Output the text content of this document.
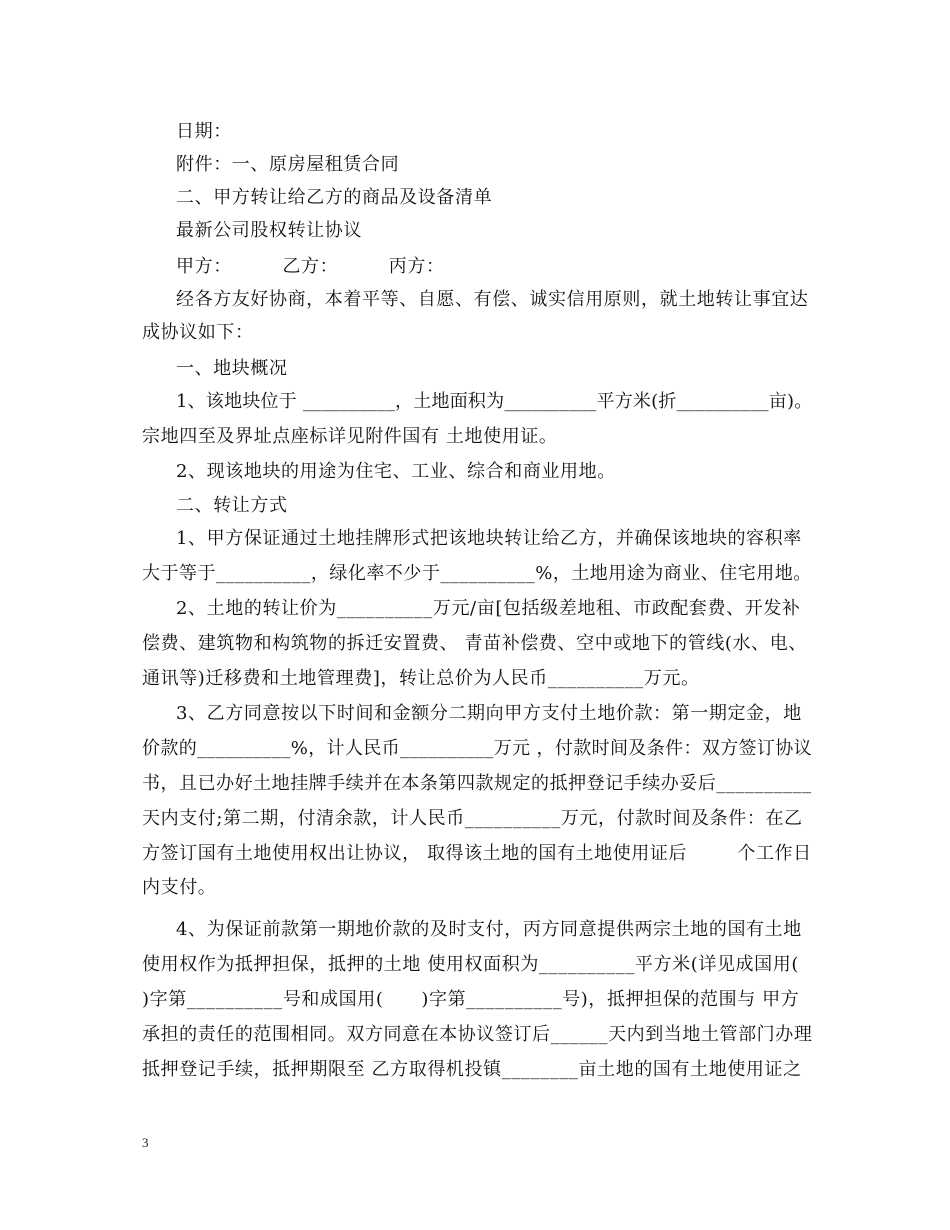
日期：
附件：一、原房屋租赁合同
二、甲方转让给乙方的商品及设备清单
最新公司股权转让协议
甲方：        乙方：        丙方：
经各方友好协商，本着平等、自愿、有偿、诚实信用原则，就土地转让事宜达
成协议如下：
一、地块概况
1、该地块位于 __________，土地面积为__________平方米(折__________亩)。
宗地四至及界址点座标详见附件国有 土地使用证。
2、现该地块的用途为住宅、工业、综合和商业用地。
二、转让方式
1、甲方保证通过土地挂牌形式把该地块转让给乙方，并确保该地块的容积率
大于等于__________，绿化率不少于__________%，土地用途为商业、住宅用地。
2、土地的转让价为__________万元/亩[包括级差地租、市政配套费、开发补
偿费、建筑物和构筑物的拆迁安置费、 青苗补偿费、空中或地下的管线(水、电、
通讯等)迁移费和土地管理费]，转让总价为人民币__________万元。
3、乙方同意按以下时间和金额分二期向甲方支付土地价款：第一期定金，地
价款的__________%，计人民币__________万元 ，付款时间及条件：双方签订协议
书，且已办好土地挂牌手续并在本条第四款规定的抵押登记手续办妥后__________
天内支付;第二期，付清余款，计人民币__________万元，付款时间及条件：在乙
方签订国有土地使用权出让协议， 取得该土地的国有土地使用证后        个工作日
内支付。
4、为保证前款第一期地价款的及时支付，丙方同意提供两宗土地的国有土地
使用权作为抵押担保，抵押的土地 使用权面积为__________平方米(详见成国用(
)字第__________号和成国用(      )字第__________号)，抵押担保的范围与 甲方
承担的责任的范围相同。双方同意在本协议签订后______天内到当地土管部门办理
抵押登记手续，抵押期限至 乙方取得机投镇________亩土地的国有土地使用证之
3
